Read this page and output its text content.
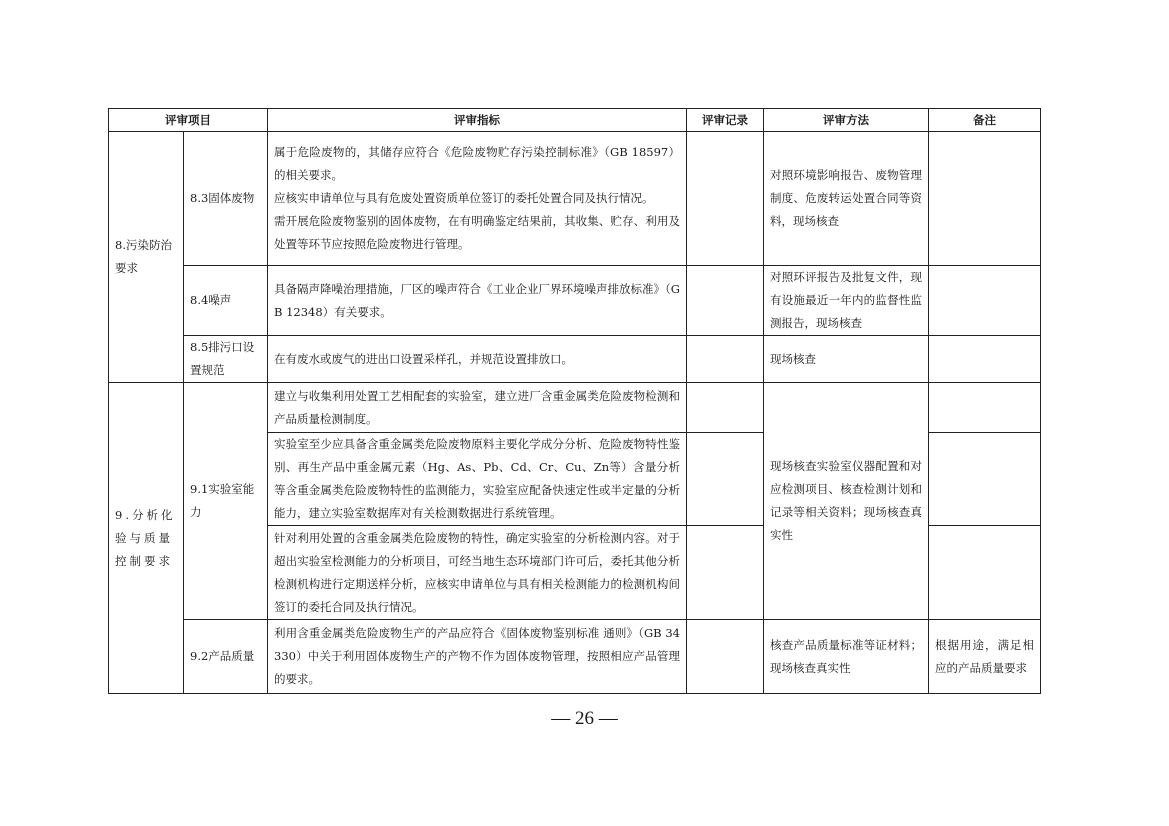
评审项目		评审指标	评审记录	评审方法	备注
8.污染防治要求	8.3固体废物	属于危险废物的，其储存应符合《危险废物贮存污染控制标准》（GB 18597）的相关要求。
应核实申请单位与具有危废处置资质单位签订的委托处置合同及执行情况。
需开展危险废物鉴别的固体废物，在有明确鉴定结果前，其收集、贮存、利用及处置等环节应按照危险废物进行管理。		对照环境影响报告、废物管理制度、危废转运处置合同等资料，现场核查	
	8.4噪声	具备隔声降噪治理措施，厂区的噪声符合《工业企业厂界环境噪声排放标准》（GB 12348）有关要求。		对照环评报告及批复文件，现有设施最近一年内的监督性监测报告，现场核查	
	8.5排污口设置规范	在有废水或废气的进出口设置采样孔，并规范设置排放口。		现场核查	
9.分析化验与质量控制要求	9.1实验室能力	建立与收集利用处置工艺相配套的实验室，建立进厂含重金属类危险废物检测和产品质量检测制度。		现场核查实验室仪器配置和对应检测项目、核查检测计划和记录等相关资料；现场核查真实性	

		实验室至少应具备含重金属类危险废物原料主要化学成分分析、危险废物特性鉴别、再生产品中重金属元素（Hg、As、Pb、Cd、Cr、Cu、Zn等）含量分析等含重金属类危险废物特性的监测能力，实验室应配备快速定性或半定量的分析能力，建立实验室数据库对有关检测数据进行系统管理。			

		针对利用处置的含重金属类危险废物的特性，确定实验室的分析检测内容。对于超出实验室检测能力的分析项目，可经当地生态环境部门许可后，委托其他分析检测机构进行定期送样分析，应核实申请单位与具有相关检测能力的检测机构间签订的委托合同及执行情况。			

	9.2产品质量	利用含重金属类危险废物生产的产品应符合《固体废物鉴别标准 通则》（GB 34330）中关于利用固体废物生产的产物不作为固体废物管理，按照相应产品管理的要求。		核查产品质量标准等证材料；现场核查真实性	根据用途，满足相应的产品质量要求
— 26 —
